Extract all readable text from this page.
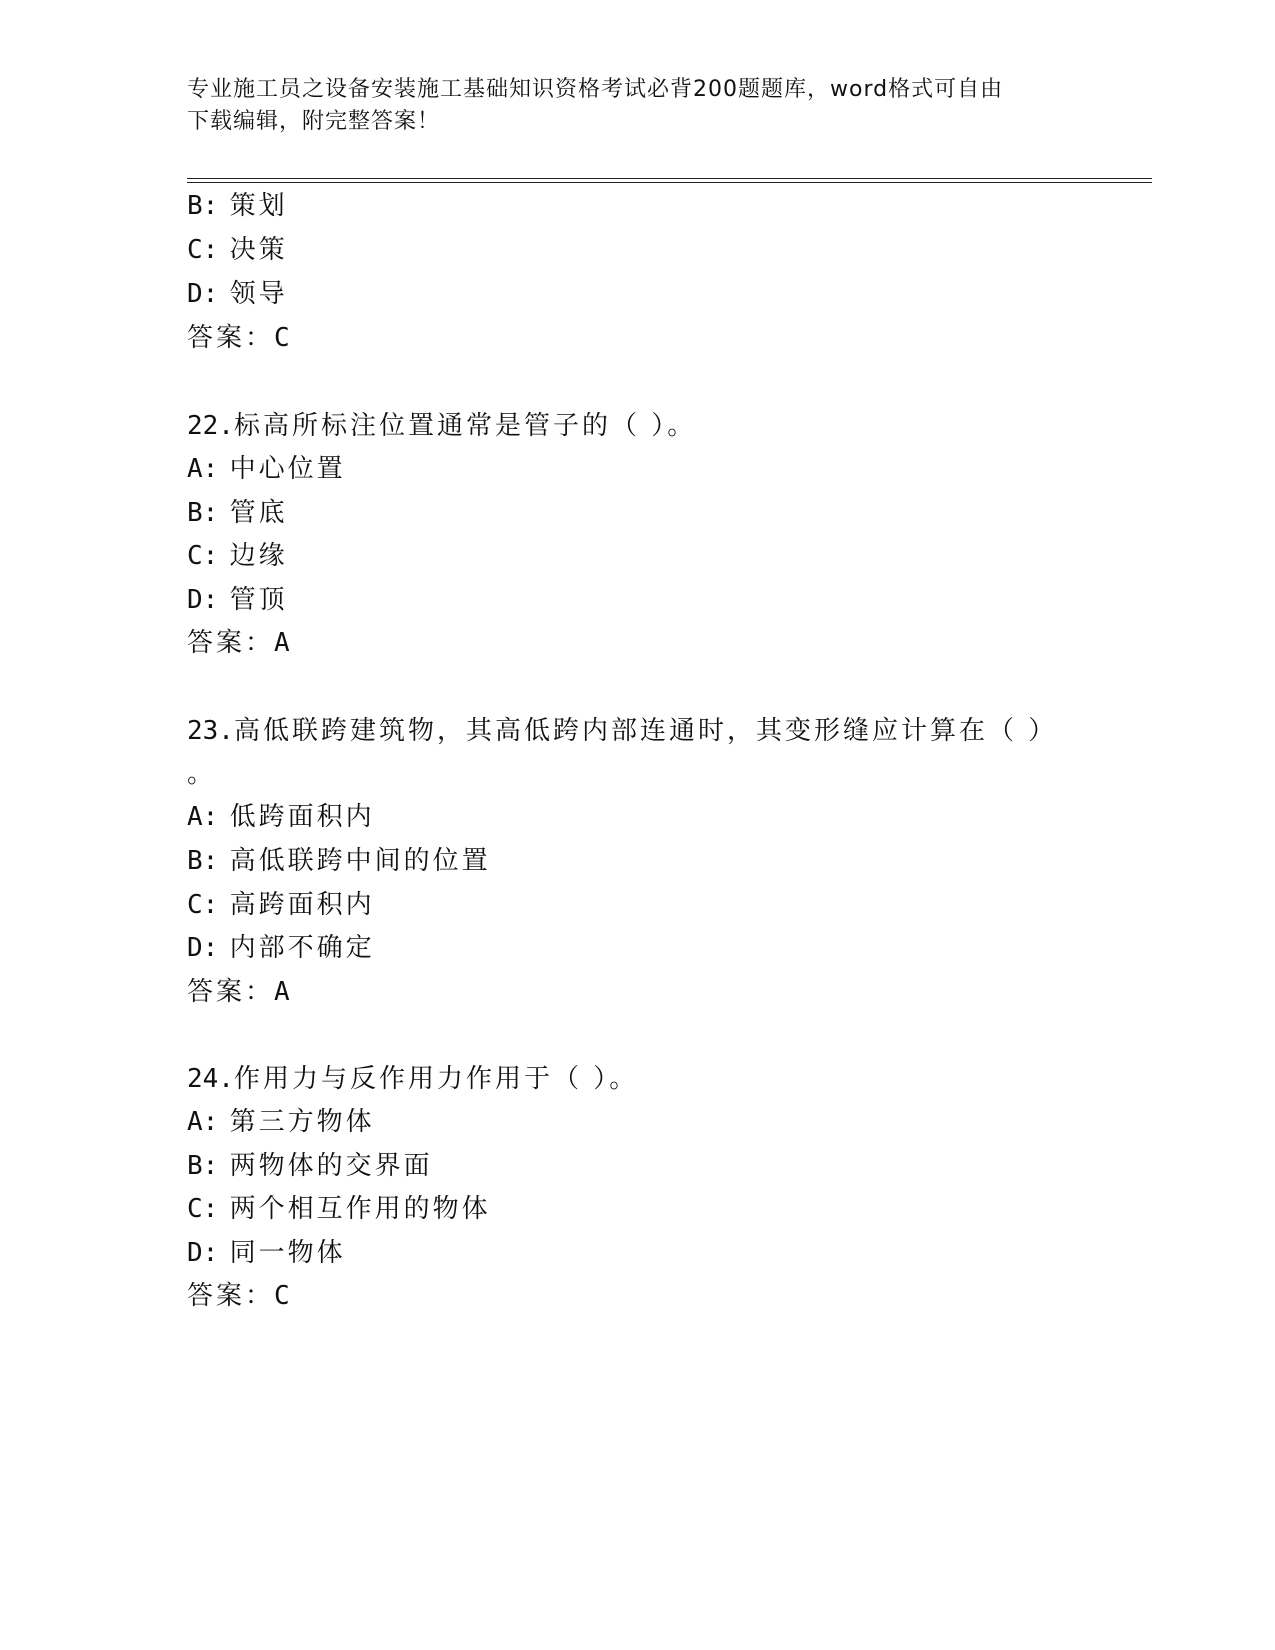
专业施工员之设备安装施工基础知识资格考试必背200题题库，word格式可自由
下载编辑，附完整答案！
B: 策划
C: 决策
D: 领导
答案：C
22.标高所标注位置通常是管子的（ ）。
A: 中心位置
B: 管底
C: 边缘
D: 管顶
答案：A
23.高低联跨建筑物，其高低跨内部连通时，其变形缝应计算在（ ）
。
A: 低跨面积内
B: 高低联跨中间的位置
C: 高跨面积内
D: 内部不确定
答案：A
24.作用力与反作用力作用于（ ）。
A: 第三方物体
B: 两物体的交界面
C: 两个相互作用的物体
D: 同一物体
答案：C
